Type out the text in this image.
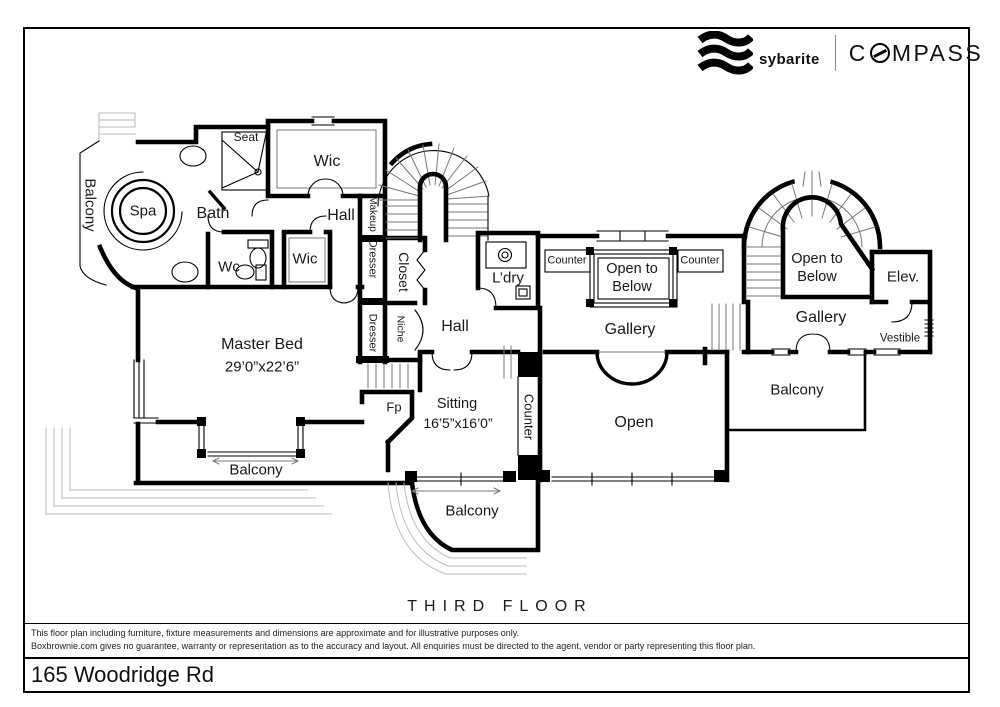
Balcony Spa	Bath
Seat
Wic
Hall Makeup
Dresser
Wc	Wic	Closet
Niche
Dresser
L’dry
Counter
Open to
Below
Counter
Hall	Gallery
Open to
Below	Elev.
Gallery
Vestible
Master Bed
29’0”x22’6”
Fp Sitting
16’5”x16’0” Counter	Open
Balcony
Balcony
Balcony
THIRD FLOOR
sybarite C MPASS
This floor plan including furniture, fixture measurements and dimensions are approximate and for illustrative purposes only.
Boxbrownie.com gives no guarantee, warranty or representation as to the accuracy and layout. All enquiries must be directed to the agent, vendor or party representing this floor plan.
165 Woodridge Rd
